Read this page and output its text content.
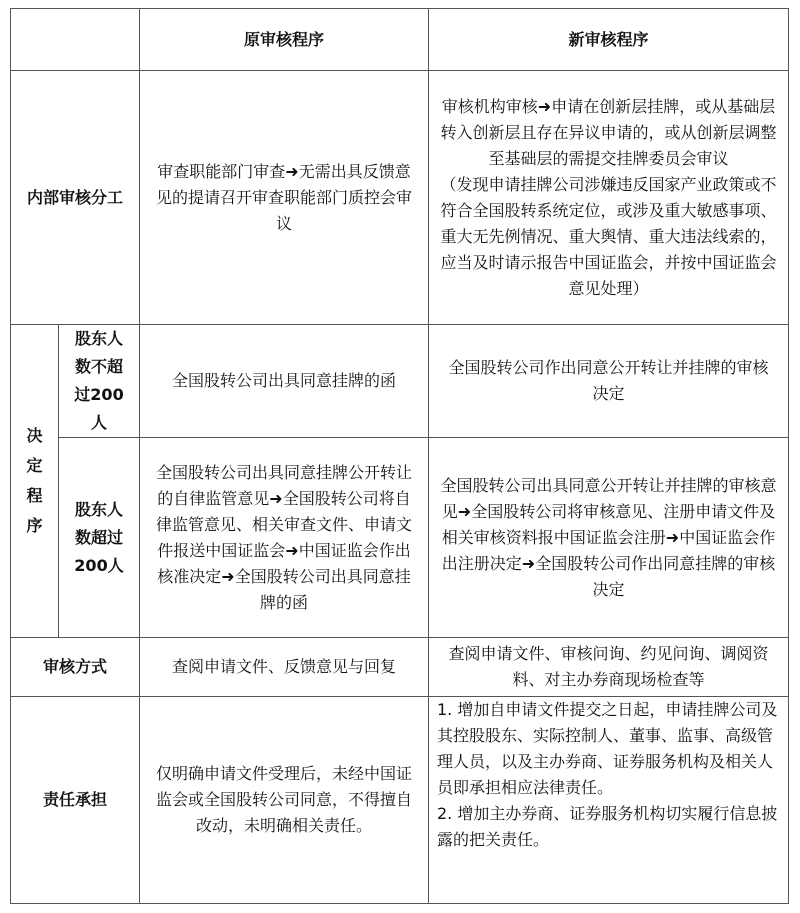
原审核程序	新审核程序
内部审核分工
审查职能部门审查➜无需出具反馈意见的提请召开审查职能部门质控会审议
审核机构审核➜申请在创新层挂牌，或从基础层转入创新层且存在异议申请的，或从创新层调整至基础层的需提交挂牌委员会审议
（发现申请挂牌公司涉嫌违反国家产业政策或不符合全国股转系统定位，或涉及重大敏感事项、重大无先例情况、重大舆情、重大违法线索的，应当及时请示报告中国证监会，并按中国证监会意见处理）
决
定
程
序
股东人数不超过200人
全国股转公司出具同意挂牌的函
全国股转公司作出同意公开转让并挂牌的审核决定
股东人数超过200人
全国股转公司出具同意挂牌公开转让的自律监管意见➜全国股转公司将自律监管意见、相关审查文件、申请文件报送中国证监会➜中国证监会作出核准决定➜全国股转公司出具同意挂牌的函
全国股转公司出具同意公开转让并挂牌的审核意见➜全国股转公司将审核意见、注册申请文件及相关审核资料报中国证监会注册➜中国证监会作出注册决定➜全国股转公司作出同意挂牌的审核决定
审核方式	查阅申请文件、反馈意见与回复
查阅申请文件、审核问询、约见问询、调阅资料、对主办券商现场检查等
责任承担
仅明确申请文件受理后，未经中国证监会或全国股转公司同意，不得擅自改动，未明确相关责任。
1. 增加自申请文件提交之日起，申请挂牌公司及其控股股东、实际控制人、董事、监事、高级管理人员，以及主办券商、证券服务机构及相关人员即承担相应法律责任。
2. 增加主办券商、证券服务机构切实履行信息披露的把关责任。
